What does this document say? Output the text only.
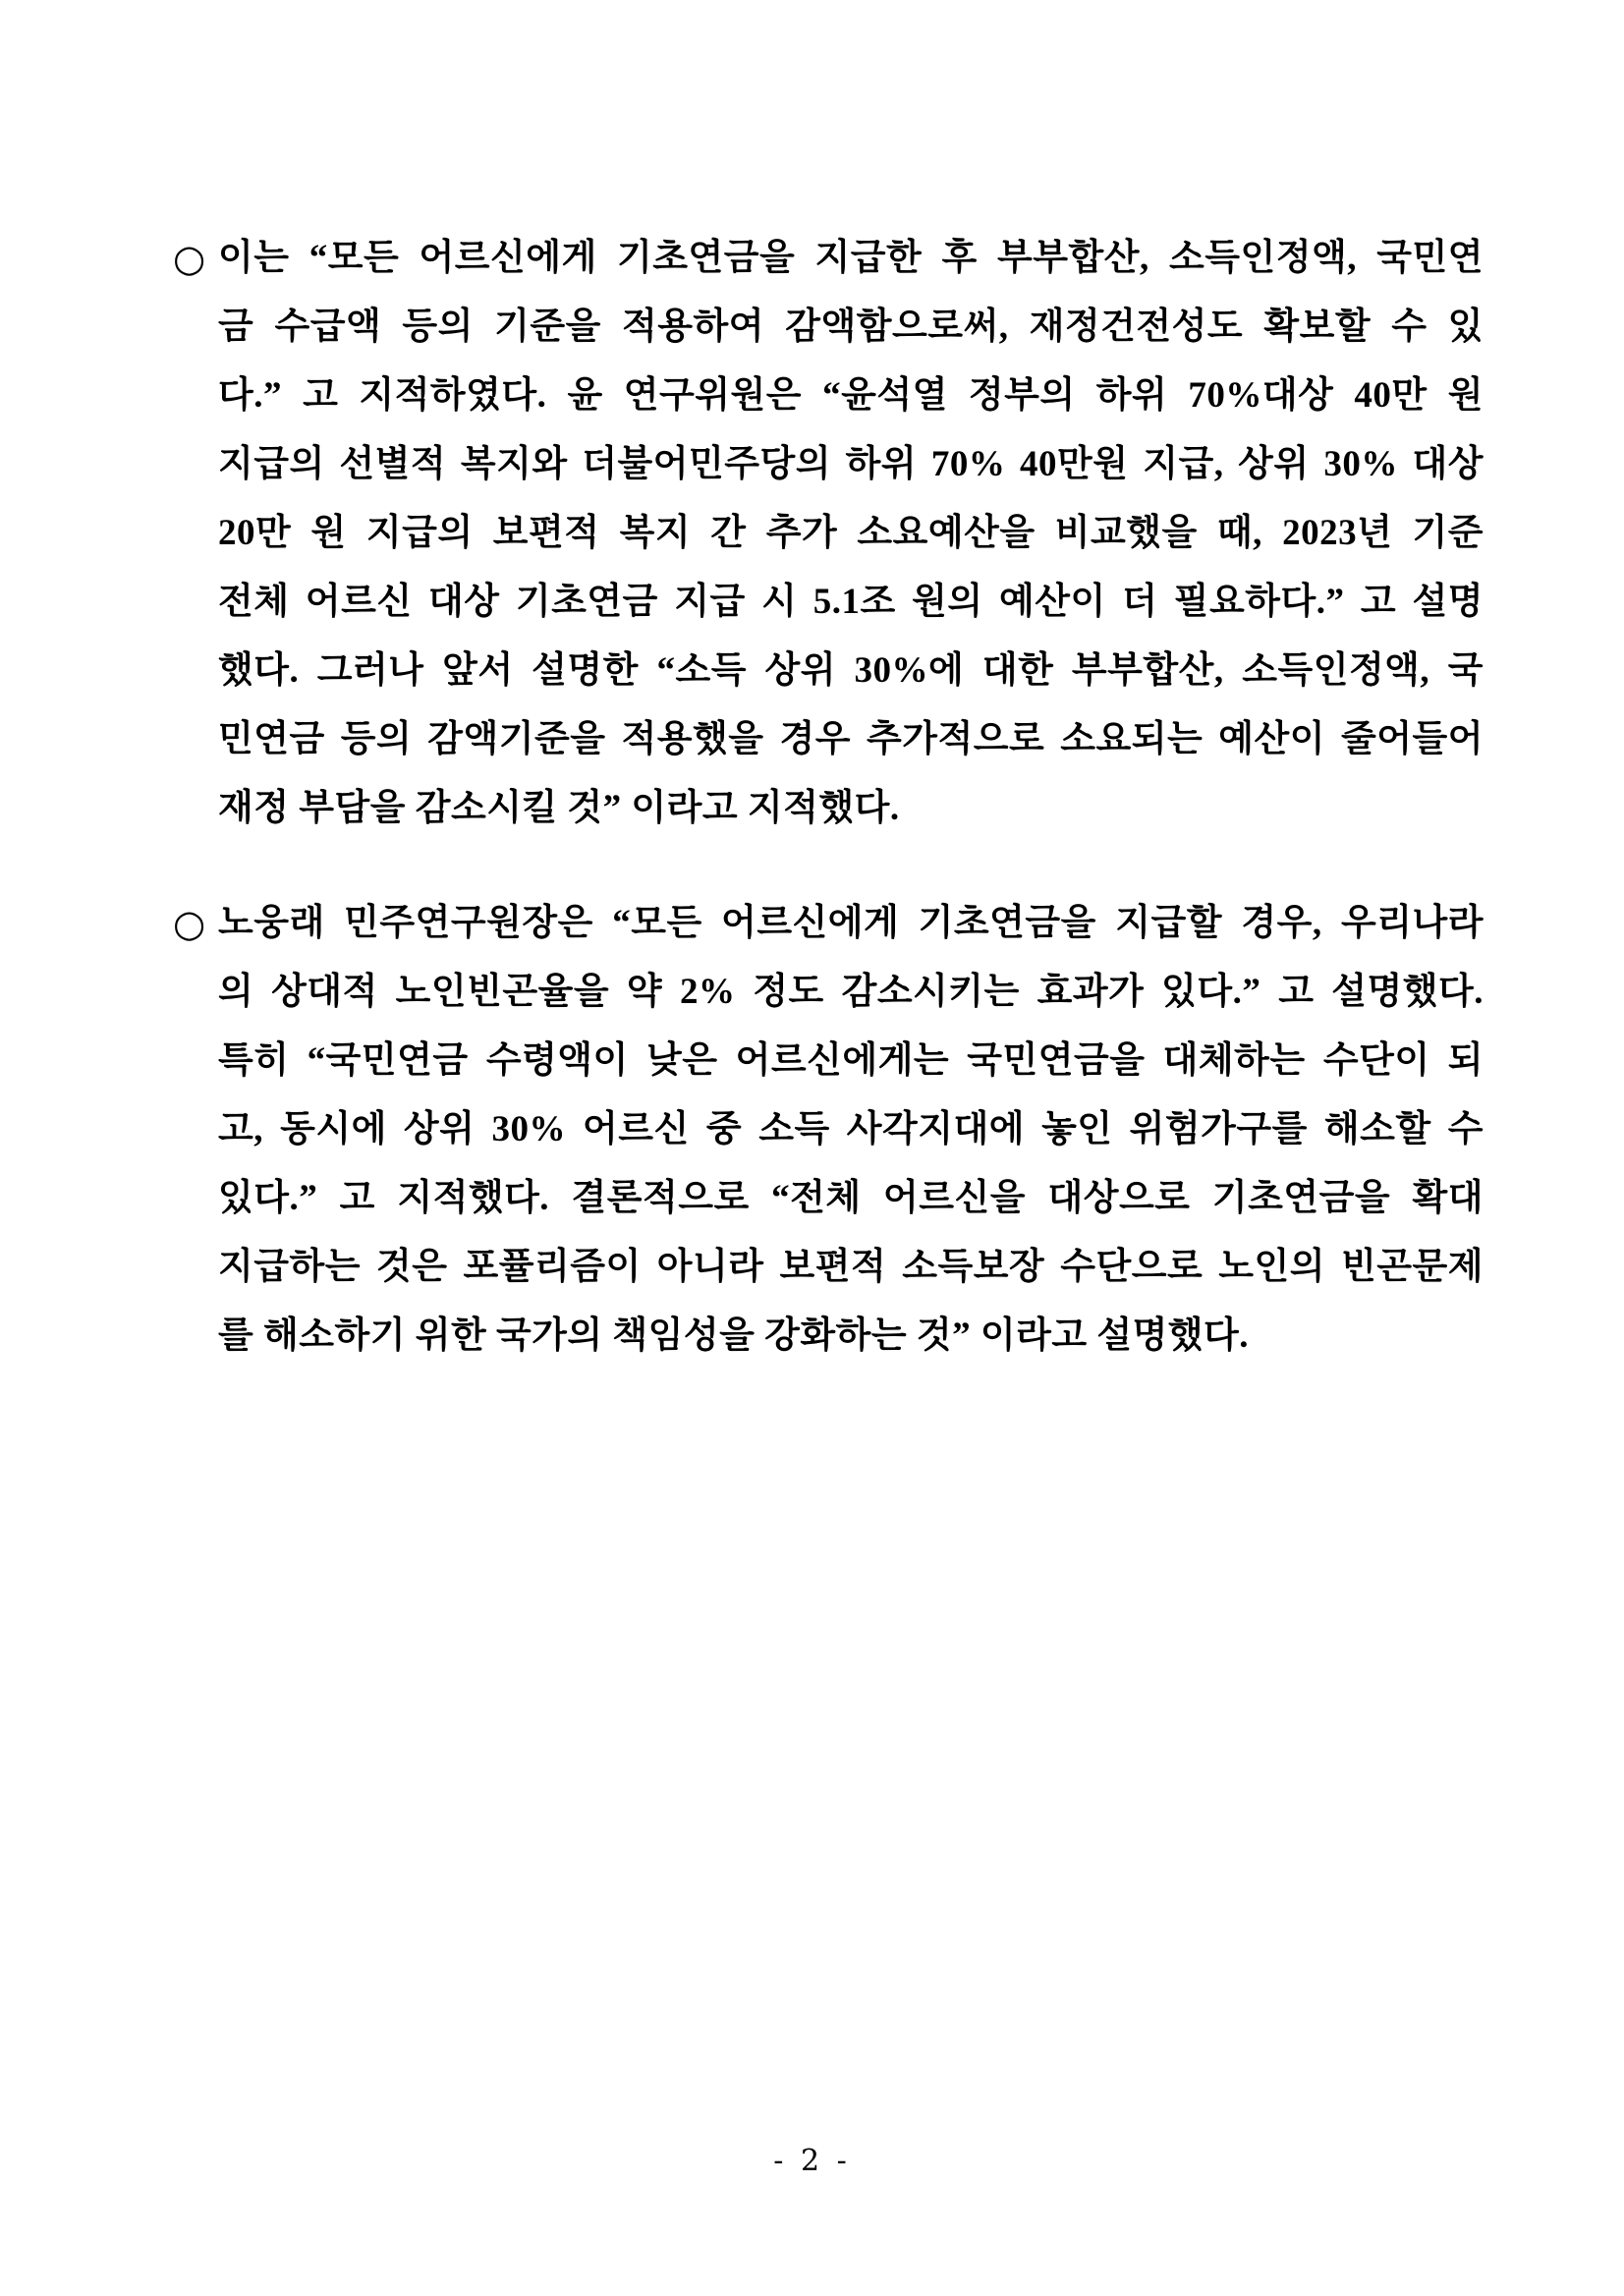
○ 이는 “모든 어르신에게 기초연금을 지급한 후 부부합산, 소득인정액, 국민연
금 수급액 등의 기준을 적용하여 감액함으로써, 재정건전성도 확보할 수 있
다.” 고 지적하였다. 윤 연구위원은 “윤석열 정부의 하위 70%대상 40만 원
지급의 선별적 복지와 더불어민주당의 하위 70% 40만원 지급, 상위 30% 대상
20만 원 지급의 보편적 복지 간 추가 소요예산을 비교했을 때, 2023년 기준
전체 어르신 대상 기초연금 지급 시 5.1조 원의 예산이 더 필요하다.” 고 설명
했다. 그러나 앞서 설명한 “소득 상위 30%에 대한 부부합산, 소득인정액, 국
민연금 등의 감액기준을 적용했을 경우 추가적으로 소요되는 예산이 줄어들어
재정 부담을 감소시킬 것” 이라고 지적했다.
○ 노웅래 민주연구원장은 “모든 어르신에게 기초연금을 지급할 경우, 우리나라
의 상대적 노인빈곤율을 약 2% 정도 감소시키는 효과가 있다.” 고 설명했다.
특히 “국민연금 수령액이 낮은 어르신에게는 국민연금을 대체하는 수단이 되
고, 동시에 상위 30% 어르신 중 소득 사각지대에 놓인 위험가구를 해소할 수
있다.” 고 지적했다. 결론적으로 “전체 어르신을 대상으로 기초연금을 확대
지급하는 것은 포퓰리즘이 아니라 보편적 소득보장 수단으로 노인의 빈곤문제
를 해소하기 위한 국가의 책임성을 강화하는 것” 이라고 설명했다.
- 2 -
